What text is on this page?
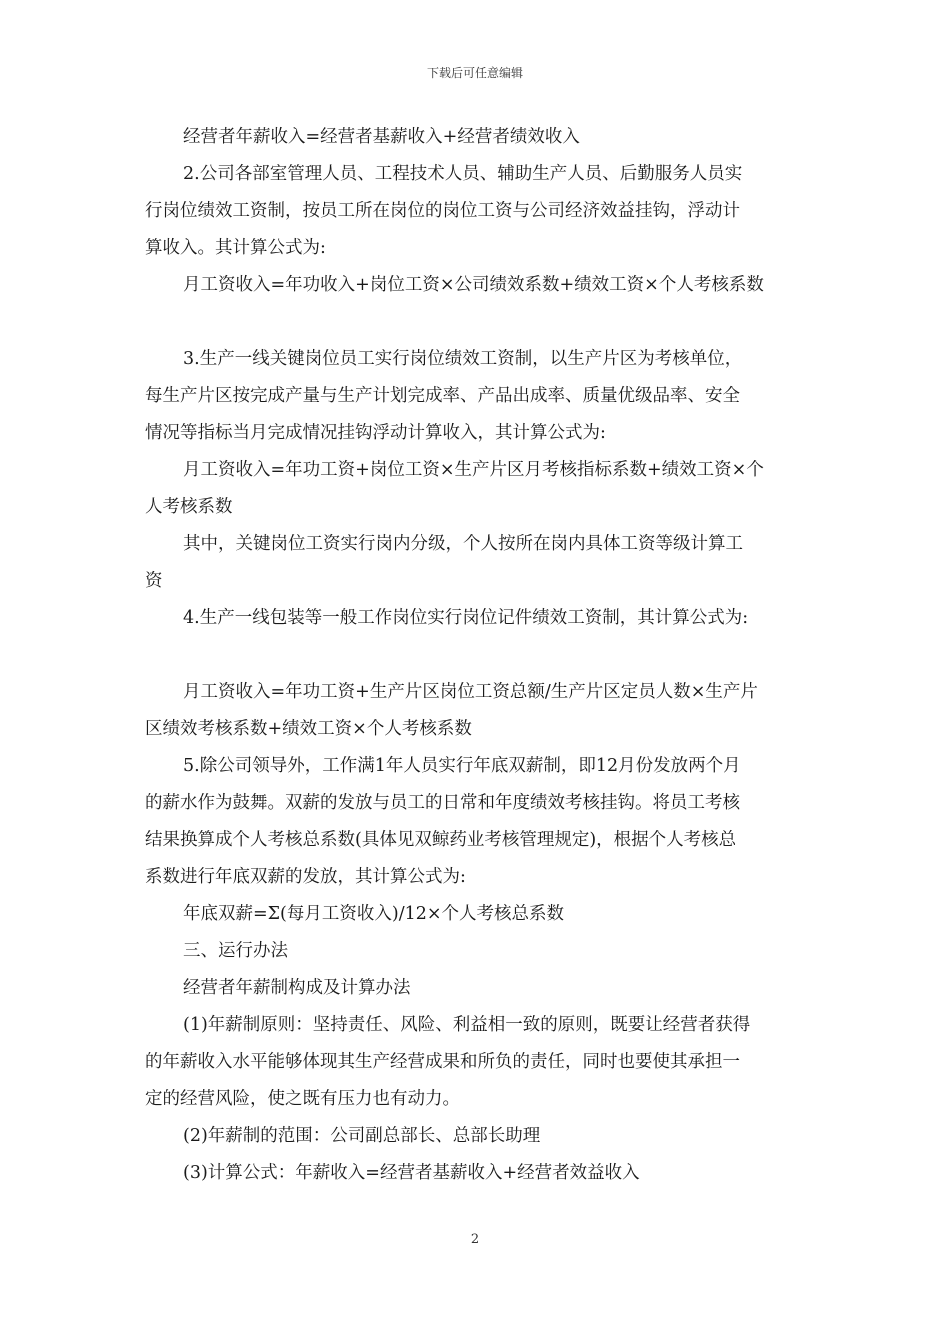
下载后可任意编辑
经营者年薪收入=经营者基薪收入+经营者绩效收入
2.公司各部室管理人员、工程技术人员、辅助生产人员、后勤服务人员实
行岗位绩效工资制，按员工所在岗位的岗位工资与公司经济效益挂钩，浮动计
算收入。其计算公式为:
月工资收入=年功收入+岗位工资×公司绩效系数+绩效工资×个人考核系数
3.生产一线关键岗位员工实行岗位绩效工资制，以生产片区为考核单位，
每生产片区按完成产量与生产计划完成率、产品出成率、质量优级品率、安全
情况等指标当月完成情况挂钩浮动计算收入，其计算公式为:
月工资收入=年功工资+岗位工资×生产片区月考核指标系数+绩效工资×个
人考核系数
其中，关键岗位工资实行岗内分级，个人按所在岗内具体工资等级计算工
资
4.生产一线包装等一般工作岗位实行岗位记件绩效工资制，其计算公式为:
月工资收入=年功工资+生产片区岗位工资总额/生产片区定员人数×生产片
区绩效考核系数+绩效工资×个人考核系数
5.除公司领导外，工作满1年人员实行年底双薪制，即12月份发放两个月
的薪水作为鼓舞。双薪的发放与员工的日常和年度绩效考核挂钩。将员工考核
结果换算成个人考核总系数(具体见双鲸药业考核管理规定)，根据个人考核总
系数进行年底双薪的发放，其计算公式为:
年底双薪=Σ(每月工资收入)/12×个人考核总系数
三、运行办法
经营者年薪制构成及计算办法
(1)年薪制原则：坚持责任、风险、利益相一致的原则，既要让经营者获得
的年薪收入水平能够体现其生产经营成果和所负的责任，同时也要使其承担一
定的经营风险，使之既有压力也有动力。
(2)年薪制的范围：公司副总部长、总部长助理
(3)计算公式：年薪收入=经营者基薪收入+经营者效益收入
2
